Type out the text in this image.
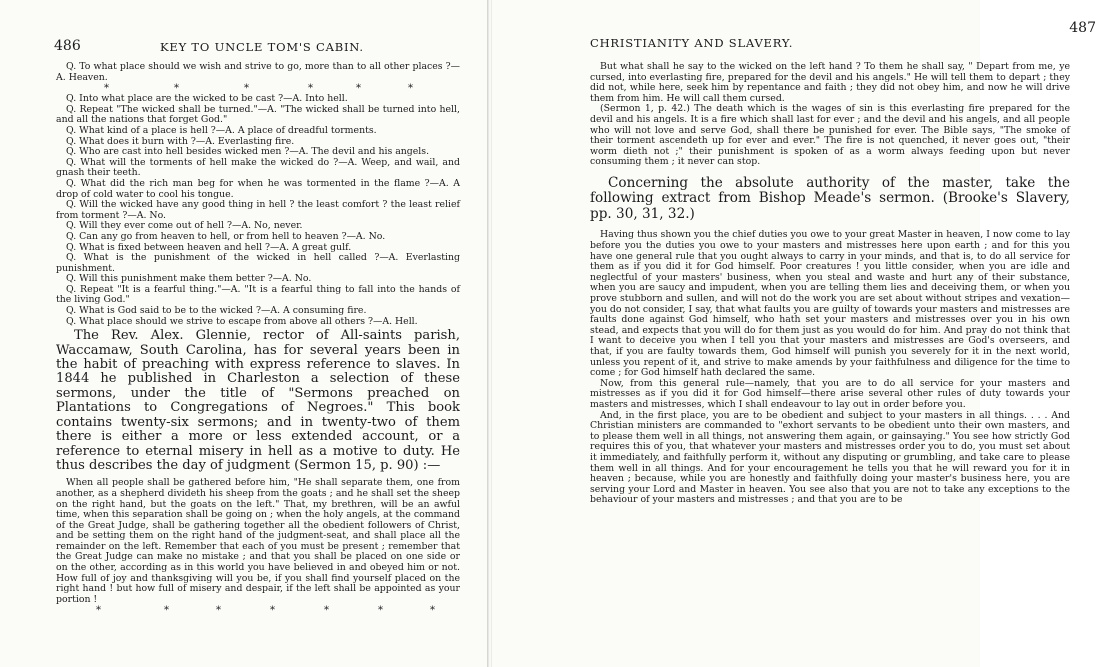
486	KEY TO UNCLE TOM'S CABIN.

Q. To what place should we wish and strive to go, more than to all other places ?—A. Heaven.

*	*	*	*	*	*

Q. Into what place are the wicked to be cast ?—A. Into hell.

Q. Repeat "The wicked shall be turned."—A. "The wicked shall be turned into hell, and all the nations that forget God."

Q. What kind of a place is hell ?—A. A place of dreadful torments.

Q. What does it burn with ?—A. Everlasting fire.

Q. Who are cast into hell besides wicked men ?—A. The devil and his angels.

Q. What will the torments of hell make the wicked do ?—A. Weep, and wail, and gnash their teeth.

Q. What did the rich man beg for when he was tormented in the flame ?—A. A drop of cold water to cool his tongue.

Q. Will the wicked have any good thing in hell ? the least comfort ? the least relief from torment ?—A. No.

Q. Will they ever come out of hell ?—A. No, never.

Q. Can any go from heaven to hell, or from hell to heaven ?—A. No.

Q. What is fixed between heaven and hell ?—A. A great gulf.

Q. What is the punishment of the wicked in hell called ?—A. Everlasting punishment.

Q. Will this punishment make them better ?—A. No.

Q. Repeat "It is a fearful thing."—A. "It is a fearful thing to fall into the hands of the living God."

Q. What is God said to be to the wicked ?—A. A consuming fire.

Q. What place should we strive to escape from above all others ?—A. Hell.

The Rev. Alex. Glennie, rector of All-saints parish, Waccamaw, South Carolina, has for several years been in the habit of preaching with express reference to slaves. In 1844 he published in Charleston a selection of these sermons, under the title of "Sermons preached on Plantations to Congregations of Negroes." This book contains twenty-six sermons; and in twenty-two of them there is either a more or less extended account, or a reference to eternal misery in hell as a motive to duty. He thus describes the day of judgment (Sermon 15, p. 90) :—

When all people shall be gathered before him, "He shall separate them, one from another, as a shepherd divideth his sheep from the goats ; and he shall set the sheep on the right hand, but the goats on the left." That, my brethren, will be an awful time, when this separation shall be going on ; when the holy angels, at the command of the Great Judge, shall be gathering together all the obedient followers of Christ, and be setting them on the right hand of the judgment-seat, and shall place all the remainder on the left. Remember that each of you must be present ; remember that the Great Judge can make no mistake ; and that you shall be placed on one side or on the other, according as in this world you have believed in and obeyed him or not. How full of joy and thanksgiving will you be, if you shall find yourself placed on the right hand ! but how full of misery and despair, if the left shall be appointed as your portion !

*	*	*	*	*	*	*
CHRISTIANITY AND SLAVERY.
487

But what shall he say to the wicked on the left hand ? To them he shall say, " Depart from me, ye cursed, into everlasting fire, prepared for the devil and his angels." He will tell them to depart ; they did not, while here, seek him by repentance and faith ; they did not obey him, and now he will drive them from him. He will call them cursed.

(Sermon 1, p. 42.) The death which is the wages of sin is this everlasting fire prepared for the devil and his angels. It is a fire which shall last for ever ; and the devil and his angels, and all people who will not love and serve God, shall there be punished for ever. The Bible says, "The smoke of their torment ascendeth up for ever and ever." The fire is not quenched, it never goes out, "their worm dieth not ;" their punishment is spoken of as a worm always feeding upon but never consuming them ; it never can stop.

Concerning the absolute authority of the master, take the following extract from Bishop Meade's sermon. (Brooke's Slavery, pp. 30, 31, 32.)

Having thus shown you the chief duties you owe to your great Master in heaven, I now come to lay before you the duties you owe to your masters and mistresses here upon earth ; and for this you have one general rule that you ought always to carry in your minds, and that is, to do all service for them as if you did it for God himself. Poor creatures ! you little consider, when you are idle and neglectful of your masters' business, when you steal and waste and hurt any of their substance, when you are saucy and impudent, when you are telling them lies and deceiving them, or when you prove stubborn and sullen, and will not do the work you are set about without stripes and vexation—you do not consider, I say, that what faults you are guilty of towards your masters and mistresses are faults done against God himself, who hath set your masters and mistresses over you in his own stead, and expects that you will do for them just as you would do for him. And pray do not think that I want to deceive you when I tell you that your masters and mistresses are God's overseers, and that, if you are faulty towards them, God himself will punish you severely for it in the next world, unless you repent of it, and strive to make amends by your faithfulness and diligence for the time to come ; for God himself hath declared the same.

Now, from this general rule—namely, that you are to do all service for your masters and mistresses as if you did it for God himself—there arise several other rules of duty towards your masters and mistresses, which I shall endeavour to lay out in order before you.

And, in the first place, you are to be obedient and subject to your masters in all things. . . . And Christian ministers are commanded to "exhort servants to be obedient unto their own masters, and to please them well in all things, not answering them again, or gainsaying." You see how strictly God requires this of you, that whatever your masters and mistresses order you to do, you must set about it immediately, and faithfully perform it, without any disputing or grumbling, and take care to please them well in all things. And for your encouragement he tells you that he will reward you for it in heaven ; because, while you are honestly and faithfully doing your master's business here, you are serving your Lord and Master in heaven. You see also that you are not to take any exceptions to the behaviour of your masters and mistresses ; and that you are to be
